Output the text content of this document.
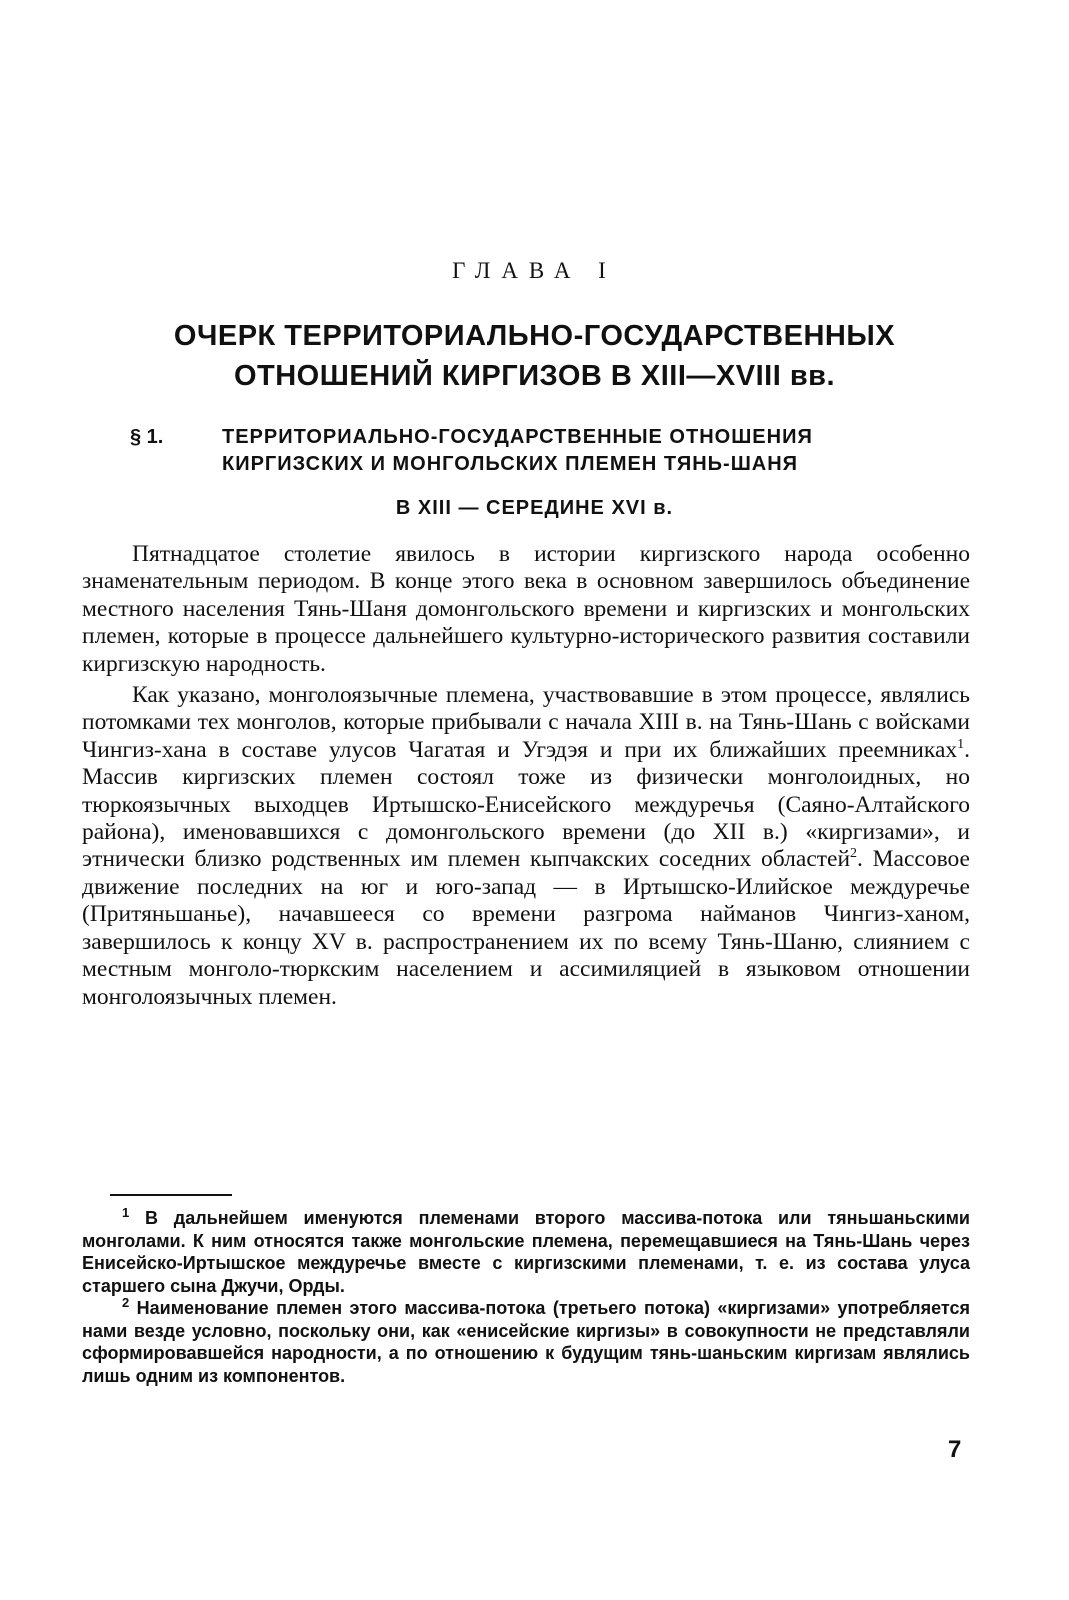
ГЛАВА I
ОЧЕРК ТЕРРИТОРИАЛЬНО-ГОСУДАРСТВЕННЫХ
ОТНОШЕНИЙ КИРГИЗОВ В XIII—XVIII вв.
§ 1.	ТЕРРИТОРИАЛЬНО-ГОСУДАРСТВЕННЫЕ ОТНОШЕНИЯ
КИРГИЗСКИХ И МОНГОЛЬСКИХ ПЛЕМЕН ТЯНЬ-ШАНЯ
В XIII — СЕРЕДИНЕ XVI в.

Пятнадцатое столетие явилось в истории киргизского народа особенно знаменательным периодом. В конце этого века в основном завершилось объединение местного населения Тянь-Шаня домонгольского времени и киргизских и монгольских племен, которые в процессе дальнейшего культурно-исторического развития составили киргизскую народность.

Как указано, монголоязычные племена, участвовавшие в этом процессе, являлись потомками тех монголов, которые прибывали с начала XIII в. на Тянь-Шань с войсками Чингиз-хана в составе улусов Чагатая и Угэдэя и при их ближайших преемниках$^1$. Массив киргизских племен состоял тоже из физически монголоидных, но тюркоязычных выходцев Иртышско-Енисейского междуречья (Саяно-Алтайского района), именовавшихся с домонгольского времени (до XII в.) «киргизами», и этнически близко родственных им племен кыпчакских соседних областей$^2$. Массовое движение последних на юг и юго-запад — в Иртышско-Илийское междуречье (Притяньшанье), начавшееся со времени разгрома найманов Чингиз-ханом, завершилось к концу XV в. распространением их по всему Тянь-Шаню, слиянием с местным монголо-тюркским населением и ассимиляцией в языковом отношении монголоязычных племен.

$^1$ В дальнейшем именуются племенами второго массива-потока или тяньшаньскими монголами. К ним относятся также монгольские племена, перемещавшиеся на Тянь-Шань через Енисейско-Иртышское междуречье вместе с киргизскими племенами, т. е. из состава улуса старшего сына Джучи, Орды.

$^2$ Наименование племен этого массива-потока (третьего потока) «киргизами» употребляется нами везде условно, поскольку они, как «енисейские киргизы» в совокупности не представляли сформировавшейся народности, а по отношению к будущим тянь-шаньским киргизам являлись лишь одним из компонентов.

7
